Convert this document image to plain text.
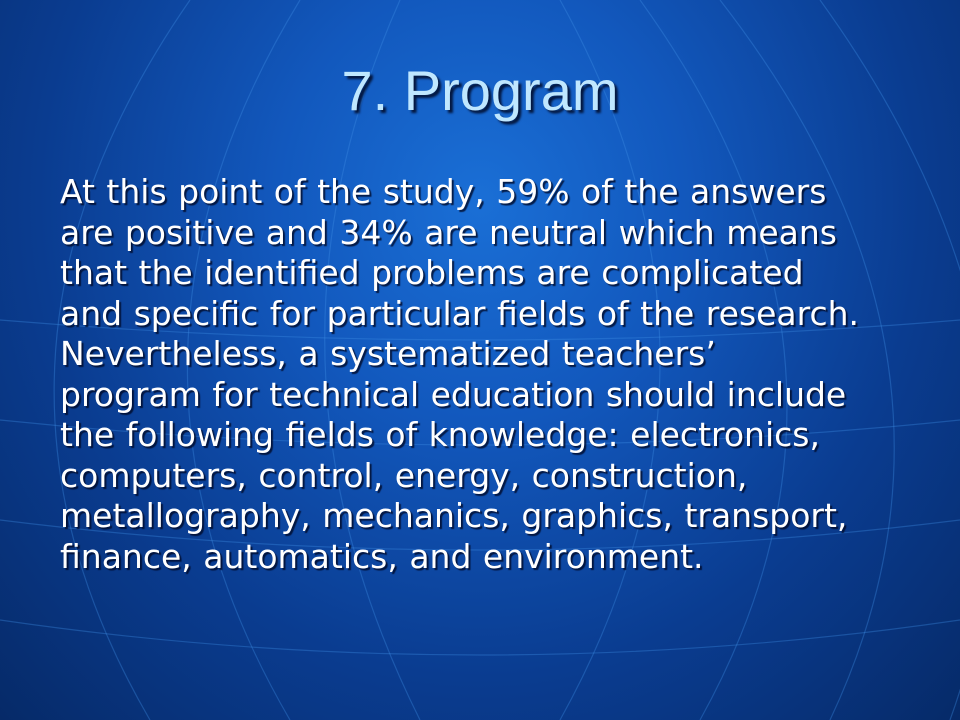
7. Program

At this point of the study, 59% of the answers are positive and 34% are neutral which means that the identified problems are complicated and specific for particular fields of the research. Nevertheless, a systematized teachers’ program for technical education should include the following fields of knowledge: electronics, computers, control, energy, construction, metallography, mechanics, graphics, transport, finance, automatics, and environment.
